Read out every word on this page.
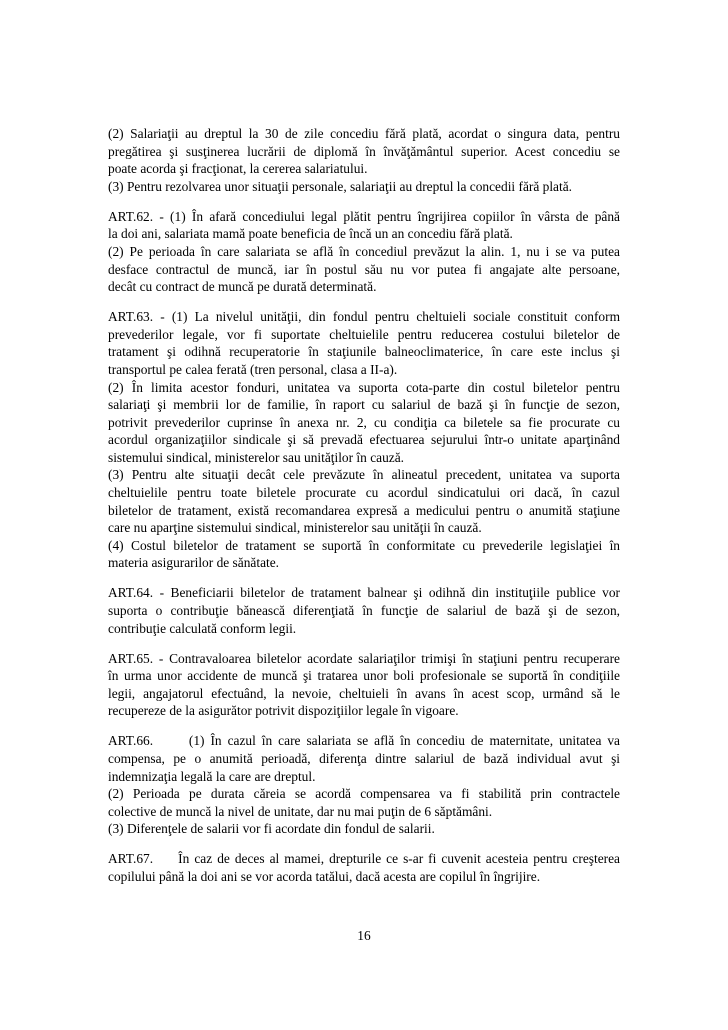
(2) Salariaţii au dreptul la 30 de zile concediu fără plată, acordat o singura data, pentru
pregătirea şi susţinerea lucrării de diplomă în învăţământul superior. Acest concediu se
poate acorda şi fracţionat, la cererea salariatului.
(3) Pentru rezolvarea unor situaţii personale, salariaţii au dreptul la concedii fără plată.
ART.62. - (1) În afară concediului legal plătit pentru îngrijirea copiilor în vârsta de până
la doi ani, salariata mamă poate beneficia de încă un an concediu fără plată.
(2) Pe perioada în care salariata se află în concediul prevăzut la alin. 1, nu i se va putea
desface contractul de muncă, iar în postul său nu vor putea fi angajate alte persoane,
decât cu contract de muncă pe durată determinată.
ART.63. - (1) La nivelul unităţii, din fondul pentru cheltuieli sociale constituit conform
prevederilor legale, vor fi suportate cheltuielile pentru reducerea costului biletelor de
tratament şi odihnă recuperatorie în staţiunile balneoclimaterice, în care este inclus şi
transportul pe calea ferată (tren personal, clasa a II-a).
(2) În limita acestor fonduri, unitatea va suporta cota-parte din costul biletelor pentru
salariaţi şi membrii lor de familie, în raport cu salariul de bază şi în funcţie de sezon,
potrivit prevederilor cuprinse în anexa nr. 2, cu condiţia ca biletele sa fie procurate cu
acordul organizaţiilor sindicale şi să prevadă efectuarea sejurului într-o unitate aparţinând
sistemului sindical, ministerelor sau unităţilor în cauză.
(3) Pentru alte situaţii decât cele prevăzute în alineatul precedent, unitatea va suporta
cheltuielile pentru toate biletele procurate cu acordul sindicatului ori dacă, în cazul
biletelor de tratament, există recomandarea expresă a medicului pentru o anumită staţiune
care nu aparţine sistemului sindical, ministerelor sau unităţii în cauză.
(4) Costul biletelor de tratament se suportă în conformitate cu prevederile legislaţiei în
materia asigurarilor de sănătate.
ART.64. - Beneficiarii biletelor de tratament balnear şi odihnă din instituţiile publice vor
suporta o contribuţie bănească diferenţiată în funcţie de salariul de bază şi de sezon,
contribuţie calculată conform legii.
ART.65. - Contravaloarea biletelor acordate salariaţilor trimişi în staţiuni pentru recuperare
în urma unor accidente de muncă şi tratarea unor boli profesionale se suportă în condiţiile
legii, angajatorul efectuând, la nevoie, cheltuieli în avans în acest scop, urmând să le
recupereze de la asigurător potrivit dispoziţiilor legale în vigoare.
ART.66.      (1) În cazul în care salariata se află în concediu de maternitate, unitatea va
compensa, pe o anumită perioadă, diferenţa dintre salariul de bază individual avut şi
indemnizaţia legală la care are dreptul.
(2) Perioada pe durata căreia se acordă compensarea va fi stabilită prin contractele
colective de muncă la nivel de unitate, dar nu mai puţin de 6 săptămâni.
(3) Diferenţele de salarii vor fi acordate din fondul de salarii.
ART.67.     În caz de deces al mamei, drepturile ce s-ar fi cuvenit acesteia pentru creşterea
copilului până la doi ani se vor acorda tatălui, dacă acesta are copilul în îngrijire.
16
